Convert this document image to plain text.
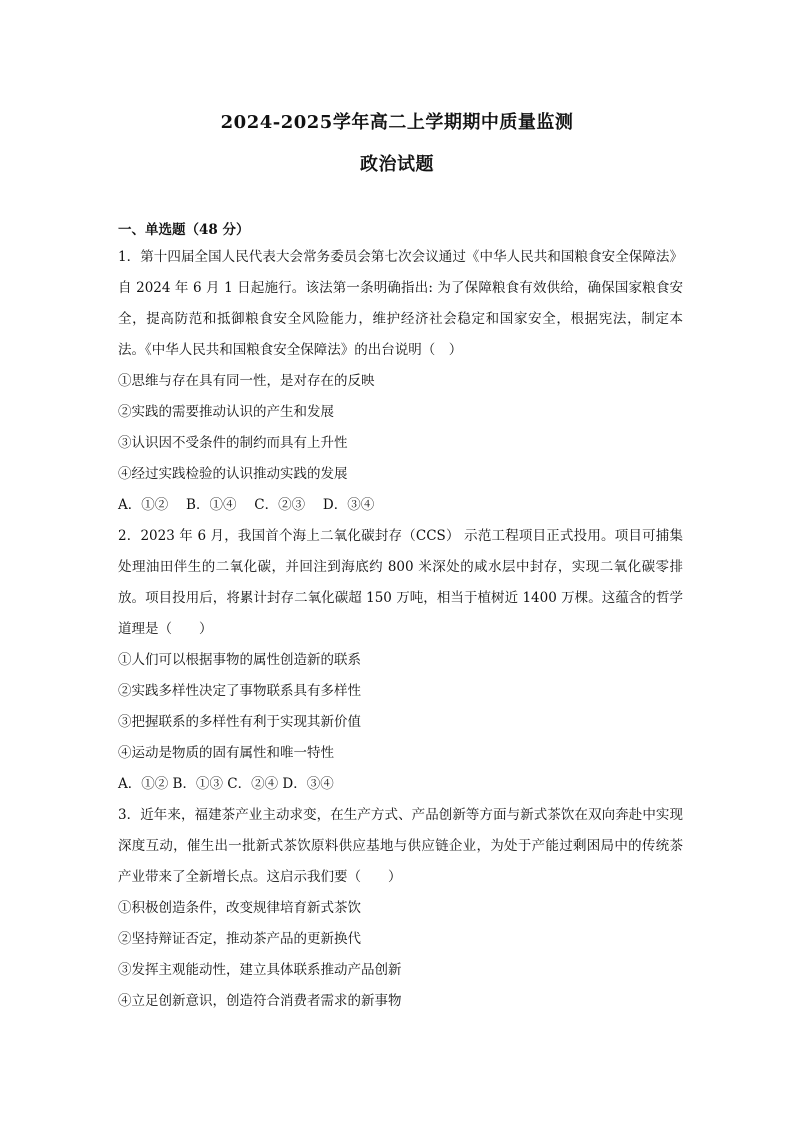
2024-2025学年高二上学期期中质量监测
政治试题
一、单选题（48 分）
1．第十四届全国人民代表大会常务委员会第七次会议通过《中华人民共和国粮食安全保障法》自 2024 年 6 月 1 日起施行。该法第一条明确指出: 为了保障粮食有效供给，确保国家粮食安全，提高防范和抵御粮食安全风险能力，维护经济社会稳定和国家安全，根据宪法，制定本法。《中华人民共和国粮食安全保障法》的出台说明（　）
①思维与存在具有同一性，是对存在的反映
②实践的需要推动认识的产生和发展
③认识因不受条件的制约而具有上升性
④经过实践检验的认识推动实践的发展
A．①②　 B．①④　 C．②③　 D．③④
2．2023 年 6 月，我国首个海上二氧化碳封存（CCS） 示范工程项目正式投用。项目可捕集处理油田伴生的二氧化碳，并回注到海底约 800 米深处的咸水层中封存，实现二氧化碳零排放。项目投用后，将累计封存二氧化碳超 150 万吨，相当于植树近 1400 万棵。这蕴含的哲学道理是（　　）
①人们可以根据事物的属性创造新的联系
②实践多样性决定了事物联系具有多样性
③把握联系的多样性有利于实现其新价值
④运动是物质的固有属性和唯一特性
A．①② B．①③ C．②④ D．③④
3．近年来，福建茶产业主动求变，在生产方式、产品创新等方面与新式茶饮在双向奔赴中实现深度互动，催生出一批新式茶饮原料供应基地与供应链企业，为处于产能过剩困局中的传统茶产业带来了全新增长点。这启示我们要（　　）
①积极创造条件，改变规律培育新式茶饮
②坚持辩证否定，推动茶产品的更新换代
③发挥主观能动性，建立具体联系推动产品创新
④立足创新意识，创造符合消费者需求的新事物
